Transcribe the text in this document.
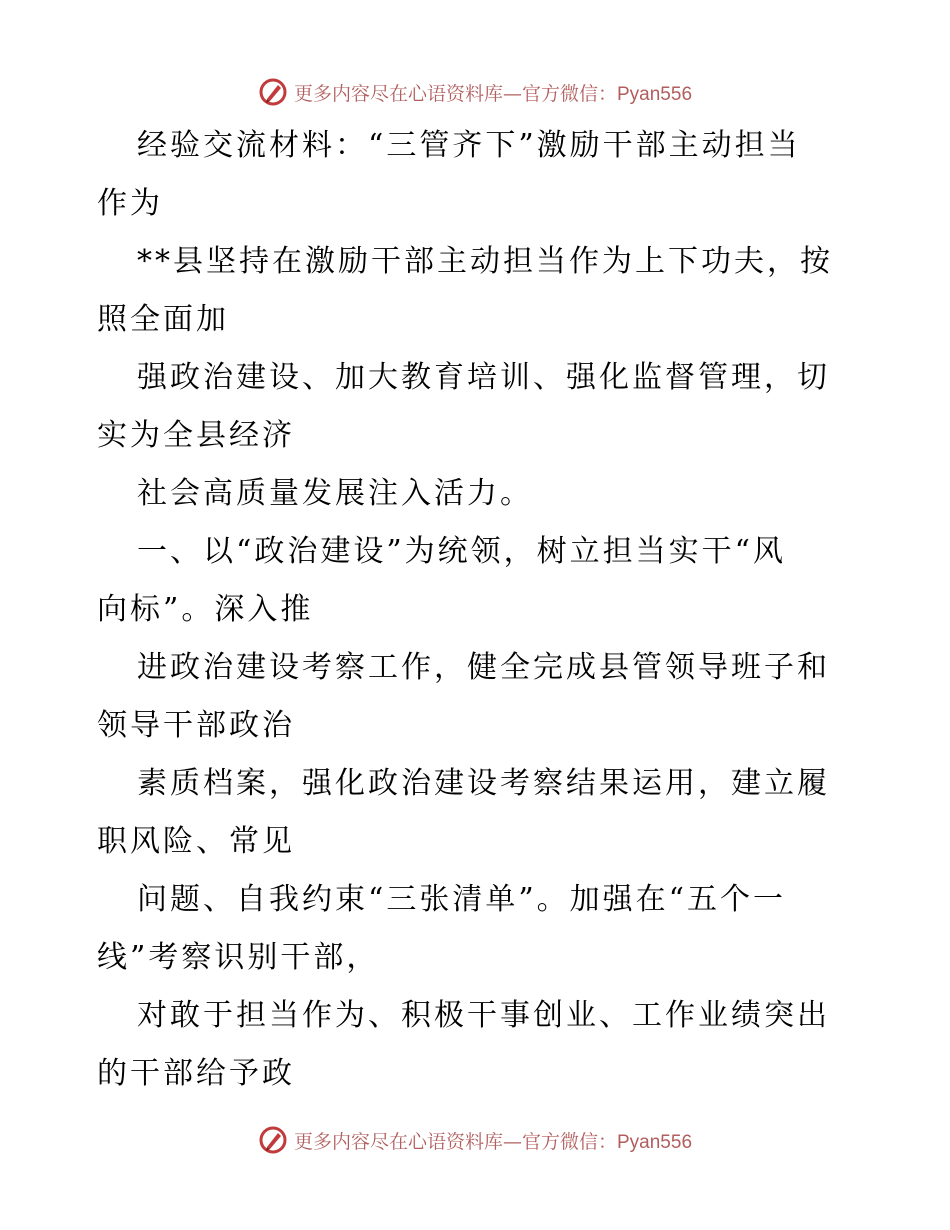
更多内容尽在心语资料库—官方微信：Pyan556
经验交流材料：“三管齐下”激励干部主动担当
作为
**县坚持在激励干部主动担当作为上下功夫，按
照全面加
强政治建设、加大教育培训、强化监督管理，切
实为全县经济
社会高质量发展注入活力。
一、以“政治建设”为统领，树立担当实干“风
向标”。深入推
进政治建设考察工作，健全完成县管领导班子和
领导干部政治
素质档案，强化政治建设考察结果运用，建立履
职风险、常见
问题、自我约束“三张清单”。加强在“五个一
线”考察识别干部，
对敢于担当作为、积极干事创业、工作业绩突出
的干部给予政
更多内容尽在心语资料库—官方微信：Pyan556
